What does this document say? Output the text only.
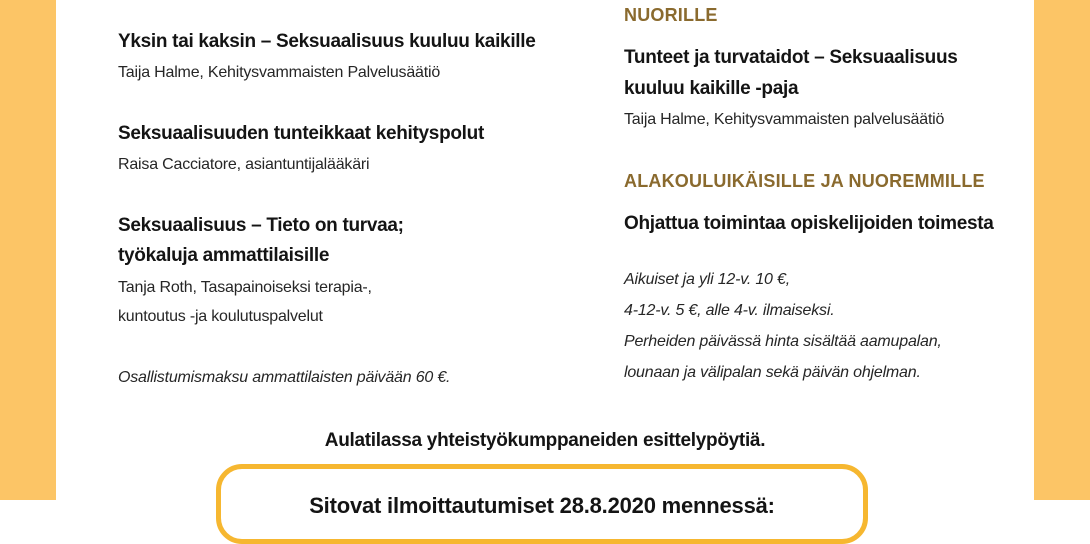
Yksin tai kaksin – Seksuaalisuus kuuluu kaikille
Taija Halme, Kehitysvammaisten Palvelusäätiö
Seksuaalisuuden tunteikkaat kehityspolut
Raisa Cacciatore, asiantuntijalääkäri
Seksuaalisuus – Tieto on turvaa;
työkaluja ammattilaisille
Tanja Roth, Tasapainoiseksi terapia-,
kuntoutus -ja koulutuspalvelut
Osallistumismaksu ammattilaisten päivään 60 €.
NUORILLE
Tunteet ja turvataidot – Seksuaalisuus
kuuluu kaikille -paja
Taija Halme, Kehitysvammaisten palvelusäätiö
ALAKOULUIKÄISILLE JA NUOREMMILLE
Ohjattua toimintaa opiskelijoiden toimesta
Aikuiset ja yli 12-v. 10 €,
4-12-v. 5 €, alle 4-v. ilmaiseksi.
Perheiden päivässä hinta sisältää aamupalan,
lounaan ja välipalan sekä päivän ohjelman.
Aulatilassa yhteistyökumppaneiden esittelypöytiä.
Sitovat ilmoittautumiset 28.8.2020 mennessä:
